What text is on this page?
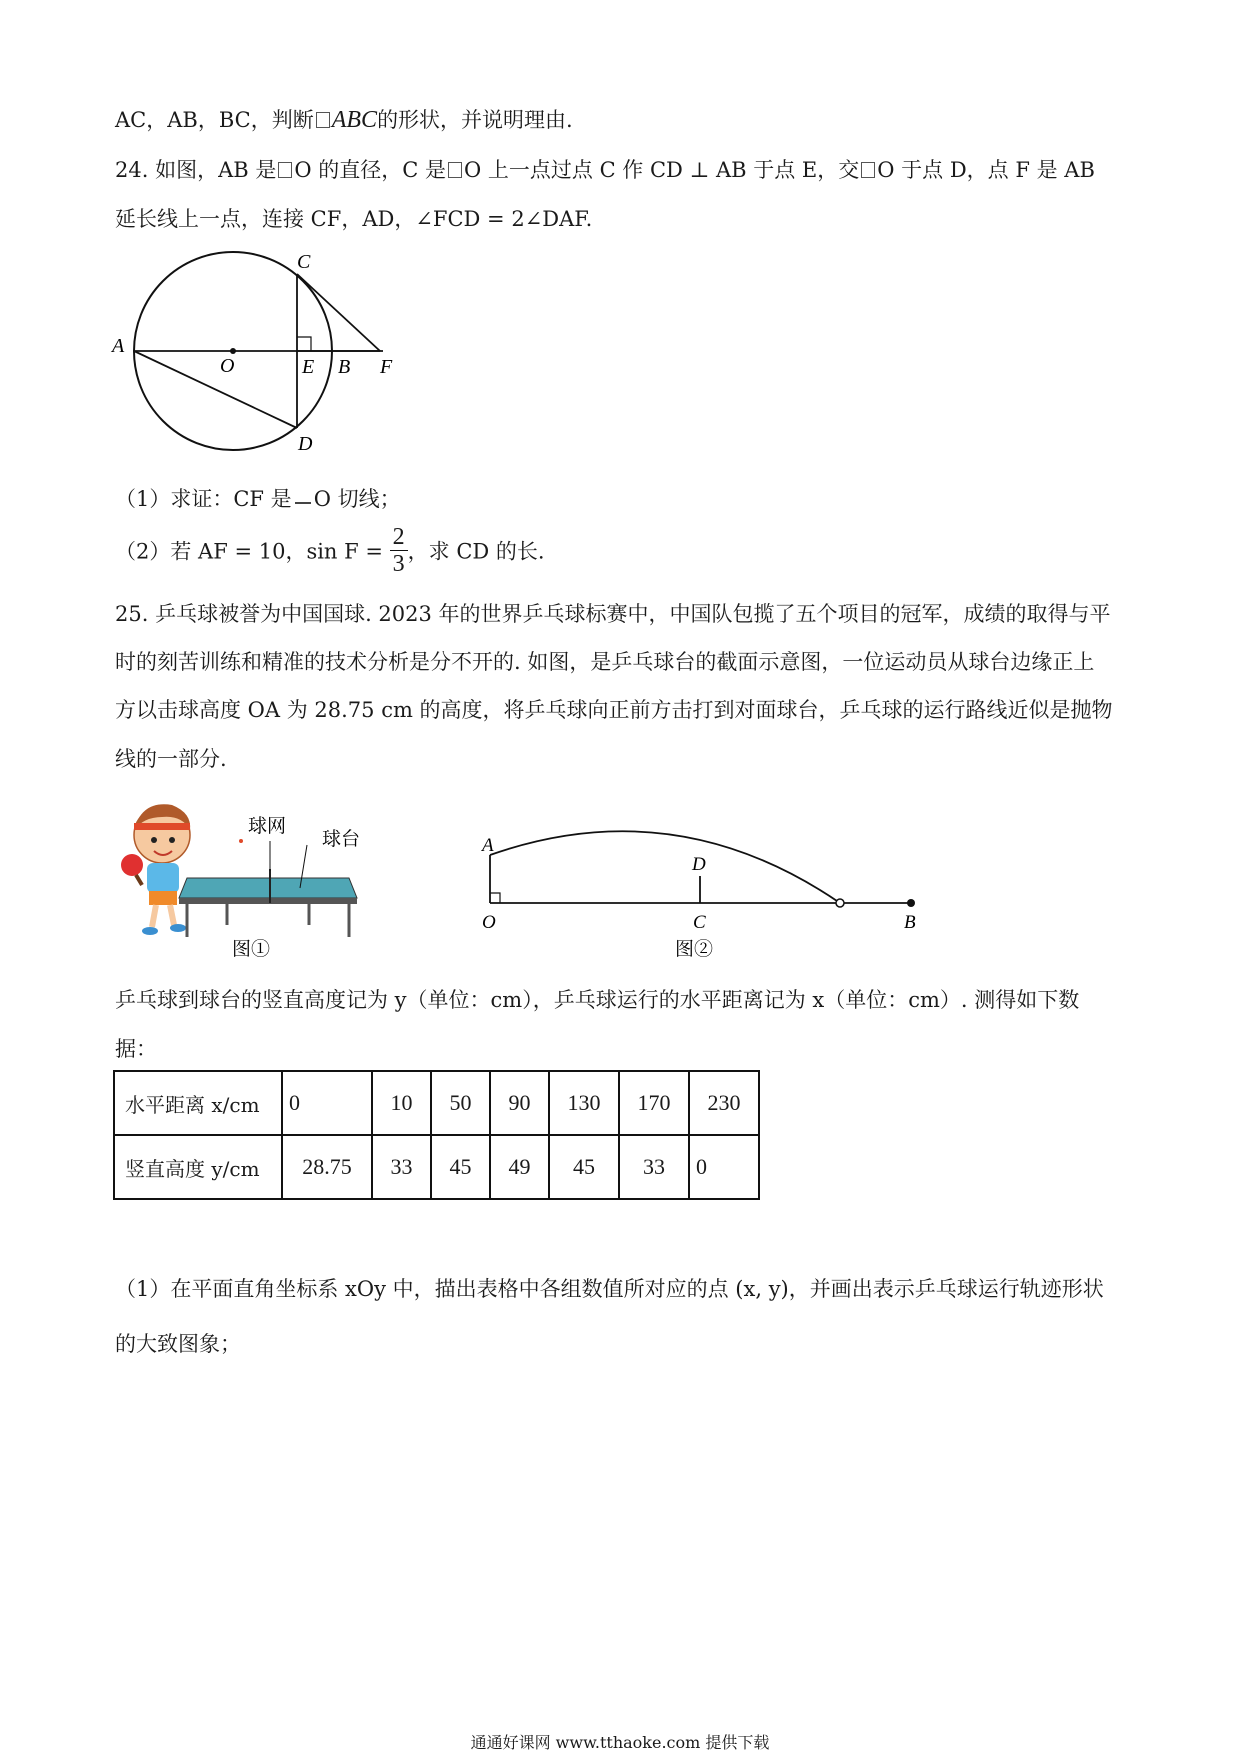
AC，AB，BC，判断 ABC的形状，并说明理由.
24. 如图，AB 是 O 的直径，C 是 O 上一点过点 C 作 CD ⊥ AB 于点 E，交 O 于点 D，点 F 是 AB
延长线上一点，连接 CF，AD，∠FCD = 2∠DAF.
A
O	E B F
C
D
（1）求证：CF 是 O 切线；
（2）若 AF = 10，$\sin F = \frac{2}{3}$ ，求 CD 的长.
25. 乒乓球被誉为中国国球. 2023 年的世界乒乓球标赛中，中国队包揽了五个项目的冠军，成绩的取得与平
时的刻苦训练和精准的技术分析是分不开的. 如图，是乒乓球台的截面示意图，一位运动员从球台边缘正上
方以击球高度 OA 为 28.75 cm 的高度，将乒乓球向正前方击打到对面球台，乒乓球的运行路线近似是抛物
线的一部分.
球网
球台
图①
A
D
O	C	B
图②
乒乓球到球台的竖直高度记为 y（单位：cm），乒乓球运行的水平距离记为 x（单位：cm）. 测得如下数
据：
水平距离 x/cm	0	10	50	90	130	170	230
竖直高度 y/cm	28.75	33	45	49	45	33	0
（1）在平面直角坐标系 xOy 中，描出表格中各组数值所对应的点 (x, y)，并画出表示乒乓球运行轨迹形状
的大致图象；
通通好课网 www.tthaoke.com 提供下载
